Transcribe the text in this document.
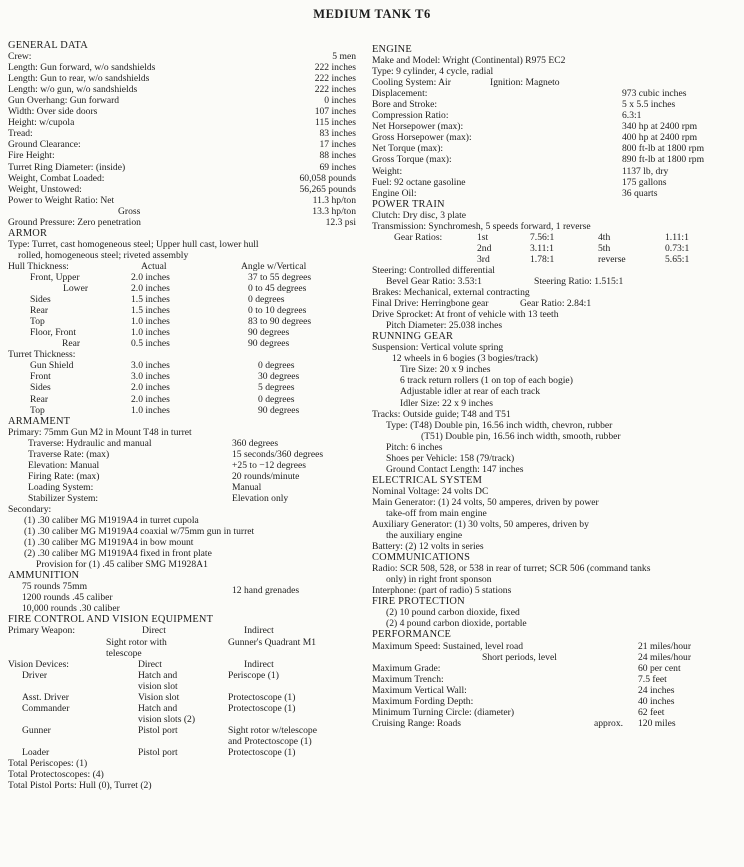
MEDIUM TANK T6
GENERAL DATA
Crew:	5 men
Length: Gun forward, w/o sandshields	222 inches
Length: Gun to rear, w/o sandshields	222 inches
Length: w/o gun, w/o sandshields	222 inches
Gun Overhang: Gun forward	0 inches
Width: Over side doors	107 inches
Height: w/cupola	115 inches
Tread:	83 inches
Ground Clearance:	17 inches
Fire Height:	88 inches
Turret Ring Diameter: (inside)	69 inches
Weight, Combat Loaded:	60,058 pounds
Weight, Unstowed:	56,265 pounds
Power to Weight Ratio: Net	11.3 hp/ton
Gross	13.3 hp/ton
Ground Pressure: Zero penetration	12.3 psi
ARMOR
Type: Turret, cast homogeneous steel; Upper hull cast, lower hull
rolled, homogeneous steel; riveted assembly
Hull Thickness:	Actual	Angle w/Vertical
Front, Upper	2.0 inches	37 to 55 degrees
Lower	2.0 inches	0 to 45 degrees
Sides	1.5 inches	0 degrees
Rear	1.5 inches	0 to 10 degrees
Top	1.0 inches	83 to 90 degrees
Floor, Front	1.0 inches	90 degrees
Rear	0.5 inches	90 degrees
Turret Thickness:
Gun Shield	3.0 inches	0 degrees
Front	3.0 inches	30 degrees
Sides	2.0 inches	5 degrees
Rear	2.0 inches	0 degrees
Top	1.0 inches	90 degrees
ARMAMENT
Primary: 75mm Gun M2 in Mount T48 in turret
Traverse: Hydraulic and manual	360 degrees
Traverse Rate: (max)	15 seconds/360 degrees
Elevation: Manual	+25 to −12 degrees
Firing Rate: (max)	20 rounds/minute
Loading System:	Manual
Stabilizer System:	Elevation only
Secondary:
(1) .30 caliber MG M1919A4 in turret cupola
(1) .30 caliber MG M1919A4 coaxial w/75mm gun in turret
(1) .30 caliber MG M1919A4 in bow mount
(2) .30 caliber MG M1919A4 fixed in front plate
Provision for (1) .45 caliber SMG M1928A1
AMMUNITION
75 rounds 75mm	12 hand grenades
1200 rounds .45 caliber
10,000 rounds .30 caliber
FIRE CONTROL AND VISION EQUIPMENT
Primary Weapon:	Direct	Indirect
Sight rotor with	Gunner's Quadrant M1
telescope
Vision Devices:	Direct	Indirect
Driver	Hatch and	Periscope (1)
vision slot
Asst. Driver	Vision slot	Protectoscope (1)
Commander	Hatch and	Protectoscope (1)
vision slots (2)
Gunner	Pistol port	Sight rotor w/telescope
and Protectoscope (1)
Loader	Pistol port	Protectoscope (1)
Total Periscopes: (1)
Total Protectoscopes: (4)
Total Pistol Ports: Hull (0), Turret (2)
ENGINE
Make and Model: Wright (Continental) R975 EC2
Type: 9 cylinder, 4 cycle, radial
Cooling System: Air	Ignition: Magneto
Displacement:	973 cubic inches
Bore and Stroke:	5 x 5.5 inches
Compression Ratio:	6.3:1
Net Horsepower (max):	340 hp at 2400 rpm
Gross Horsepower (max):	400 hp at 2400 rpm
Net Torque (max):	800 ft-lb at 1800 rpm
Gross Torque (max):	890 ft-lb at 1800 rpm
Weight:	1137 lb, dry
Fuel: 92 octane gasoline	175 gallons
Engine Oil:	36 quarts
POWER TRAIN
Clutch: Dry disc, 3 plate
Transmission: Synchromesh, 5 speeds forward, 1 reverse
Gear Ratios:	1st	7.56:1	4th	1.11:1
2nd	3.11:1	5th	0.73:1
3rd	1.78:1	reverse	5.65:1
Steering: Controlled differential
Bevel Gear Ratio: 3.53:1	Steering Ratio: 1.515:1
Brakes: Mechanical, external contracting
Final Drive: Herringbone gear	Gear Ratio: 2.84:1
Drive Sprocket: At front of vehicle with 13 teeth
Pitch Diameter: 25.038 inches
RUNNING GEAR
Suspension: Vertical volute spring
12 wheels in 6 bogies (3 bogies/track)
Tire Size: 20 x 9 inches
6 track return rollers (1 on top of each bogie)
Adjustable idler at rear of each track
Idler Size: 22 x 9 inches
Tracks: Outside guide; T48 and T51
Type: (T48) Double pin, 16.56 inch width, chevron, rubber
(T51) Double pin, 16.56 inch width, smooth, rubber
Pitch: 6 inches
Shoes per Vehicle: 158 (79/track)
Ground Contact Length: 147 inches
ELECTRICAL SYSTEM
Nominal Voltage: 24 volts DC
Main Generator: (1) 24 volts, 50 amperes, driven by power
take-off from main engine
Auxiliary Generator: (1) 30 volts, 50 amperes, driven by
the auxiliary engine
Battery: (2) 12 volts in series
COMMUNICATIONS
Radio: SCR 508, 528, or 538 in rear of turret; SCR 506 (command tanks
only) in right front sponson
Interphone: (part of radio) 5 stations
FIRE PROTECTION
(2) 10 pound carbon dioxide, fixed
(2) 4 pound carbon dioxide, portable
PERFORMANCE
Maximum Speed: Sustained, level road	21 miles/hour
Short periods, level	24 miles/hour
Maximum Grade:	60 per cent
Maximum Trench:	7.5 feet
Maximum Vertical Wall:	24 inches
Maximum Fording Depth:	40 inches
Minimum Turning Circle: (diameter)	62 feet
Cruising Range: Roads	approx. 120 miles
